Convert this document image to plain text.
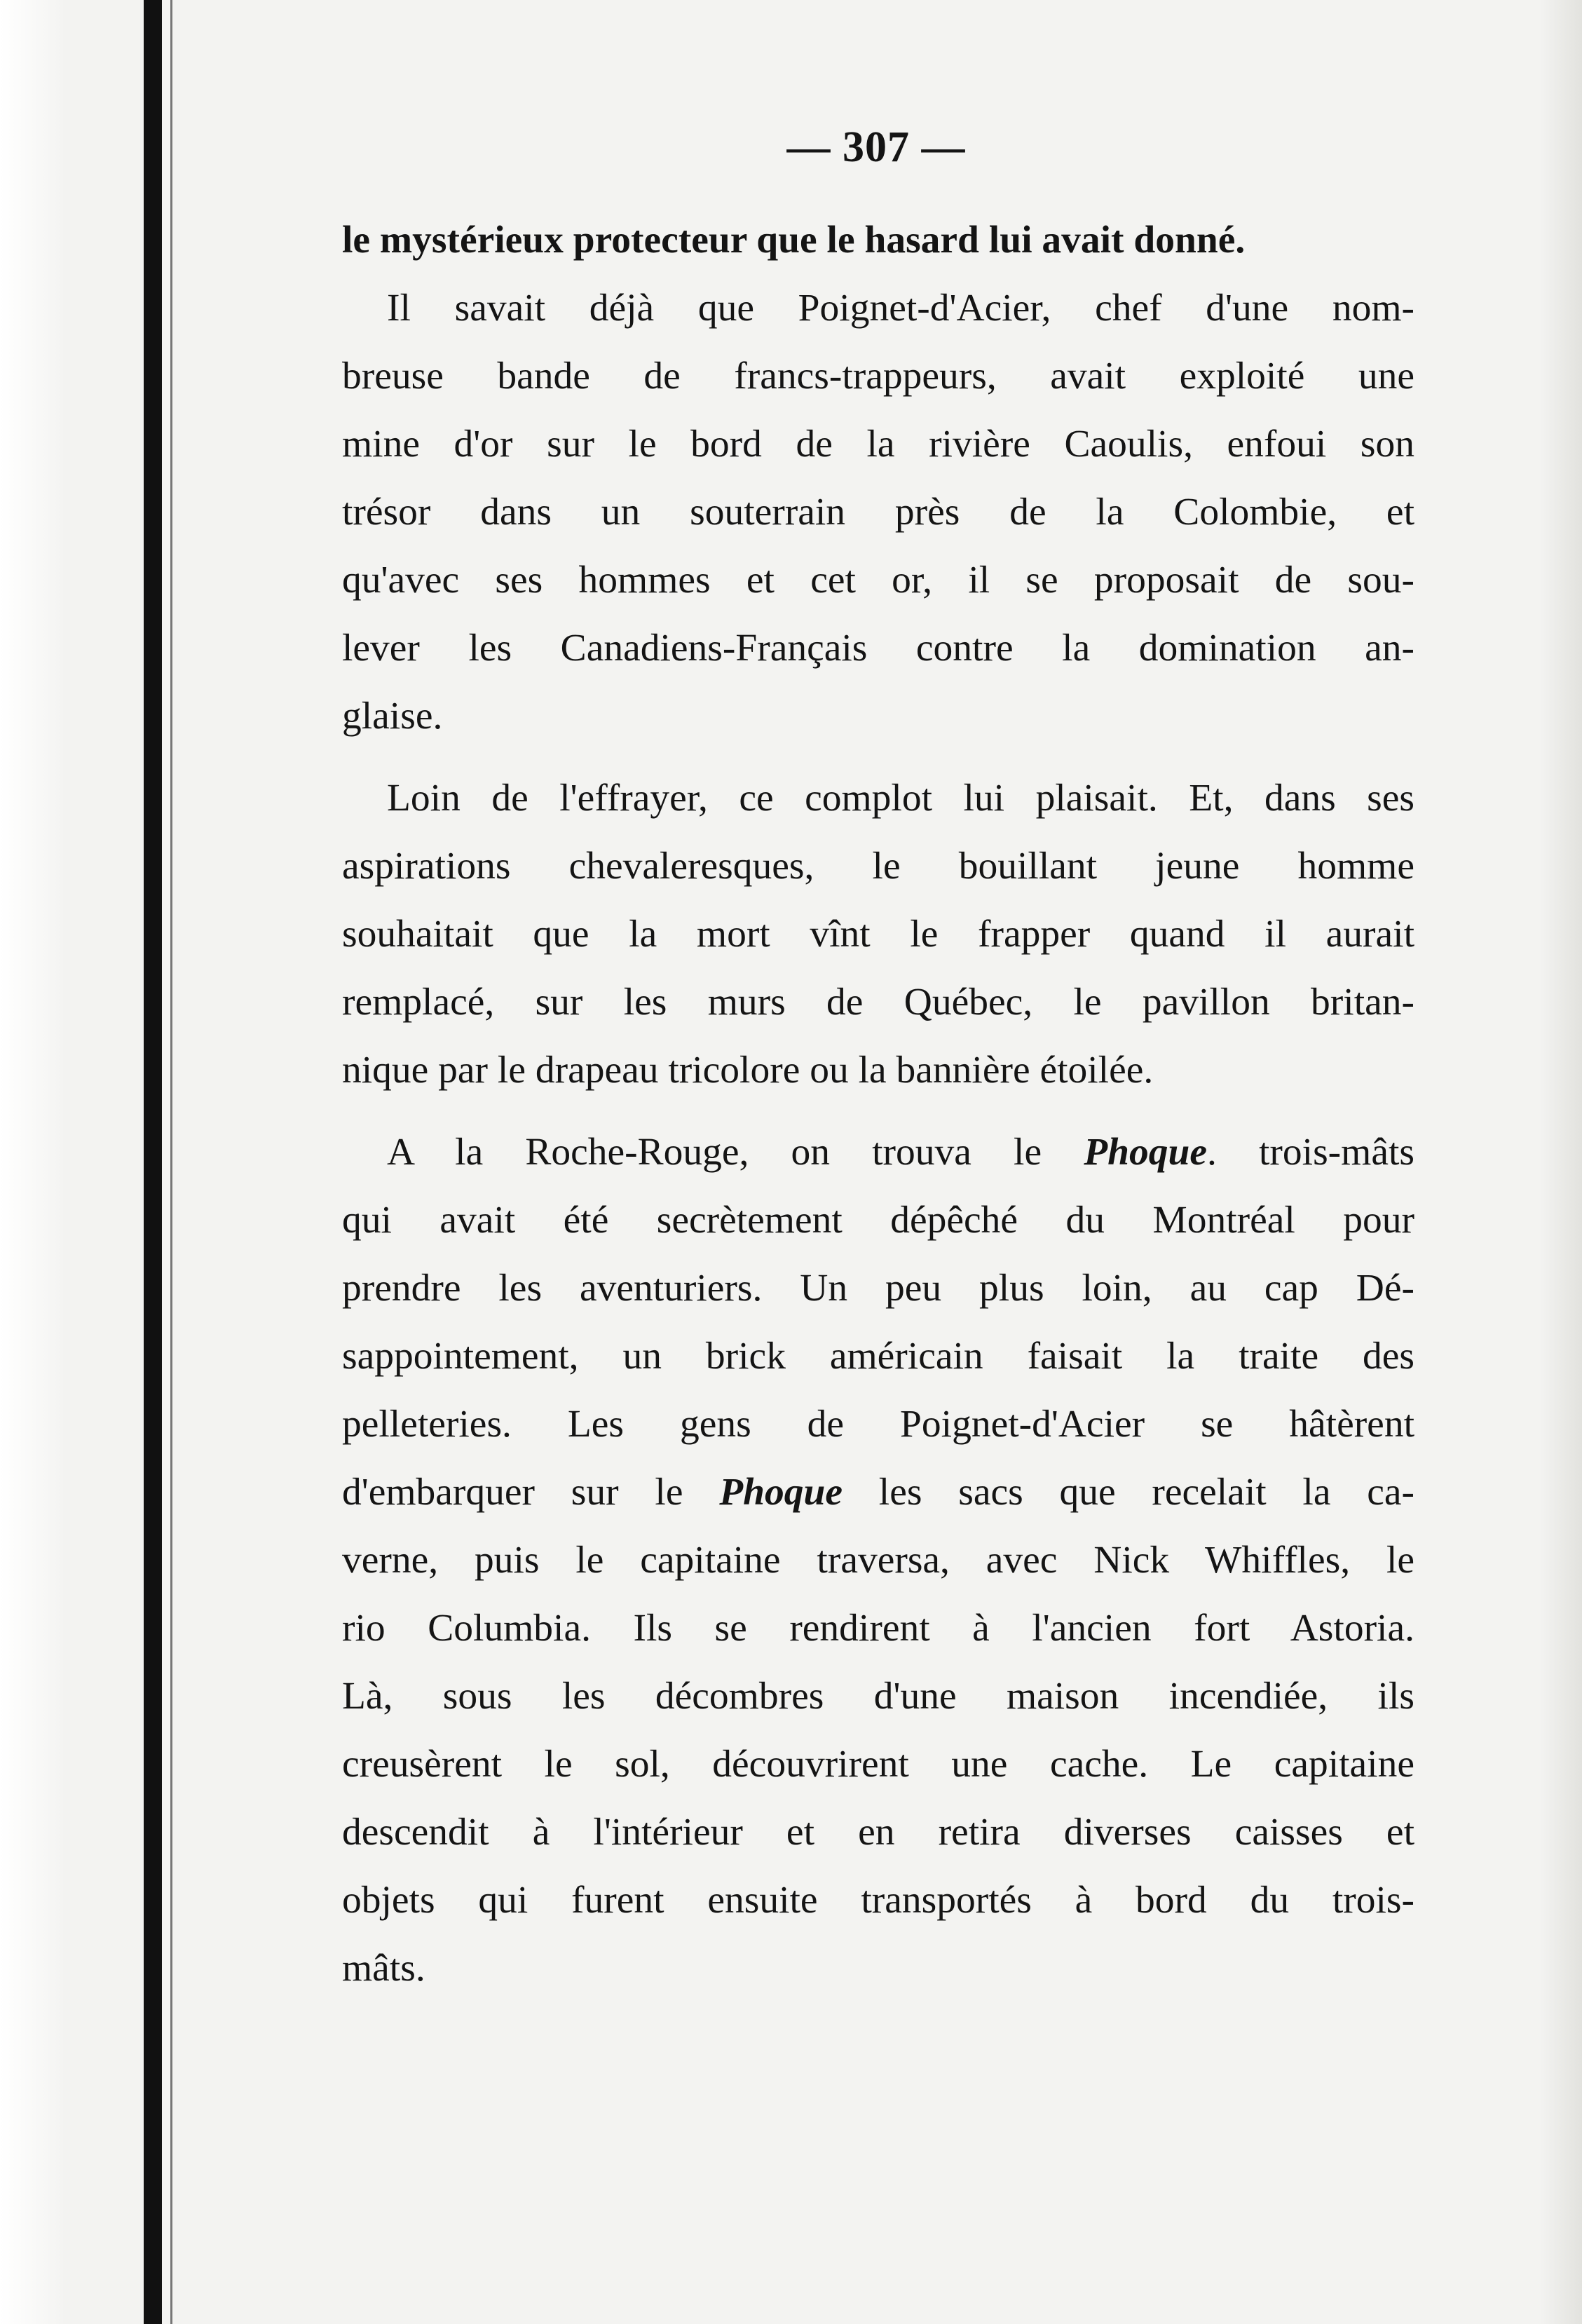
— 307 —
le mystérieux protecteur que le hasard lui avait donné.
Il savait déjà que Poignet-d'Acier, chef d'une nom-
breuse bande de francs-trappeurs, avait exploité une
mine d'or sur le bord de la rivière Caoulis, enfoui son
trésor dans un souterrain près de la Colombie, et
qu'avec ses hommes et cet or, il se proposait de sou-
lever les Canadiens-Français contre la domination an-
glaise.
Loin de l'effrayer, ce complot lui plaisait. Et, dans ses
aspirations chevaleresques, le bouillant jeune homme
souhaitait que la mort vînt le frapper quand il aurait
remplacé, sur les murs de Québec, le pavillon britan-
nique par le drapeau tricolore ou la bannière étoilée.
A la Roche-Rouge, on trouva le Phoque. trois-mâts
qui avait été secrètement dépêché du Montréal pour
prendre les aventuriers. Un peu plus loin, au cap Dé-
sappointement, un brick américain faisait la traite des
pelleteries. Les gens de Poignet-d'Acier se hâtèrent
d'embarquer sur le Phoque les sacs que recelait la ca-
verne, puis le capitaine traversa, avec Nick Whiffles, le
rio Columbia. Ils se rendirent à l'ancien fort Astoria.
Là, sous les décombres d'une maison incendiée, ils
creusèrent le sol, découvrirent une cache. Le capitaine
descendit à l'intérieur et en retira diverses caisses et
objets qui furent ensuite transportés à bord du trois-
mâts.
